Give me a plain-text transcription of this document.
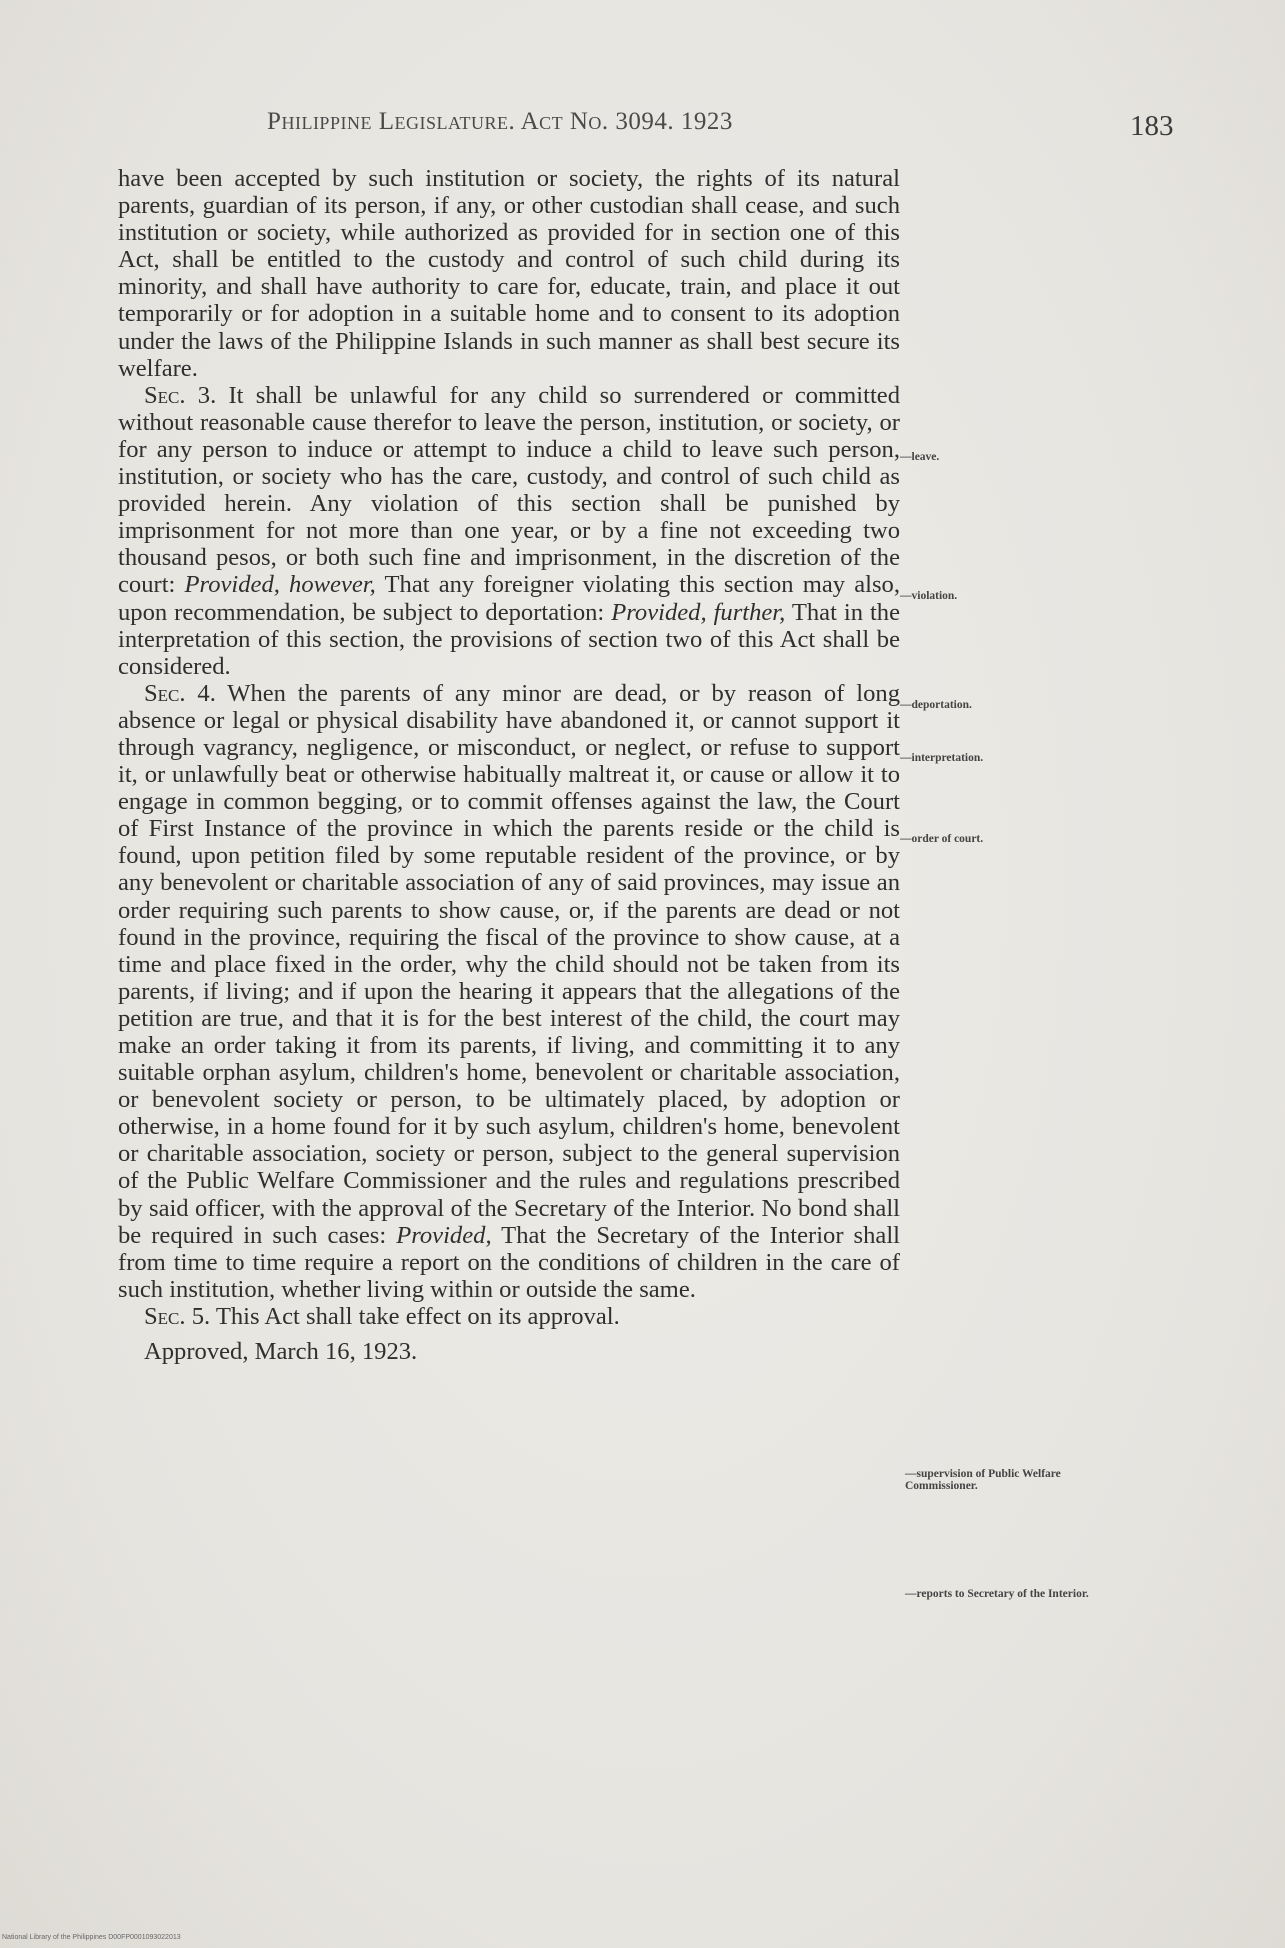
Philippine Legislature. Act No. 3094. 1923	183

have been accepted by such institution or society, the rights of its natural parents, guardian of its person, if any, or other custodian shall cease, and such institution or society, while authorized as provided for in section one of this Act, shall be entitled to the custody and control of such child during its minority, and shall have authority to care for, educate, train, and place it out temporarily or for adoption in a suitable home and to consent to its adoption under the laws of the Philippine Islands in such manner as shall best secure its welfare.

Sec. 3. It shall be unlawful for any child so surrendered or committed without reasonable cause therefor to leave the person, institution, or society, or for any person to induce or attempt to induce a child to leave such person, institution, or society who has the care, custody, and control of such child as provided herein. Any violation of this section shall be punished by imprisonment for not more than one year, or by a fine not exceeding two thousand pesos, or both such fine and imprisonment, in the discretion of the court: Provided, however, That any foreigner violating this section may also, upon recommendation, be subject to deportation: Provided, further, That in the interpretation of this section, the provisions of section two of this Act shall be considered.

Sec. 4. When the parents of any minor are dead, or by reason of long absence or legal or physical disability have abandoned it, or cannot support it through vagrancy, negligence, or misconduct, or neglect, or refuse to support it, or unlawfully beat or otherwise habitually maltreat it, or cause or allow it to engage in common begging, or to commit offenses against the law, the Court of First Instance of the province in which the parents reside or the child is found, upon petition filed by some reputable resident of the province, or by any benevolent or charitable association of any of said provinces, may issue an order requiring such parents to show cause, or, if the parents are dead or not found in the province, requiring the fiscal of the province to show cause, at a time and place fixed in the order, why the child should not be taken from its parents, if living; and if upon the hearing it appears that the allegations of the petition are true, and that it is for the best interest of the child, the court may make an order taking it from its parents, if living, and committing it to any suitable orphan asylum, children's home, benevolent or charitable association, or benevolent society or person, to be ultimately placed, by adoption or otherwise, in a home found for it by such asylum, children's home, benevolent or charitable association, society or person, subject to the general supervision of the Public Welfare Commissioner and the rules and regulations prescribed by said officer, with the approval of the Secretary of the Interior. No bond shall be required in such cases: Provided, That the Secretary of the Interior shall from time to time require a report on the conditions of children in the care of such institution, whether living within or outside the same.

Sec. 5. This Act shall take effect on its approval.

Approved, March 16, 1923.

—leave.
—violation.
—deportation.
—interpretation.
—order of court.
—supervision of Public Welfare Commissioner.
—reports to Secretary of the Interior.
National Library of the Philippines D00FP0001093022013
